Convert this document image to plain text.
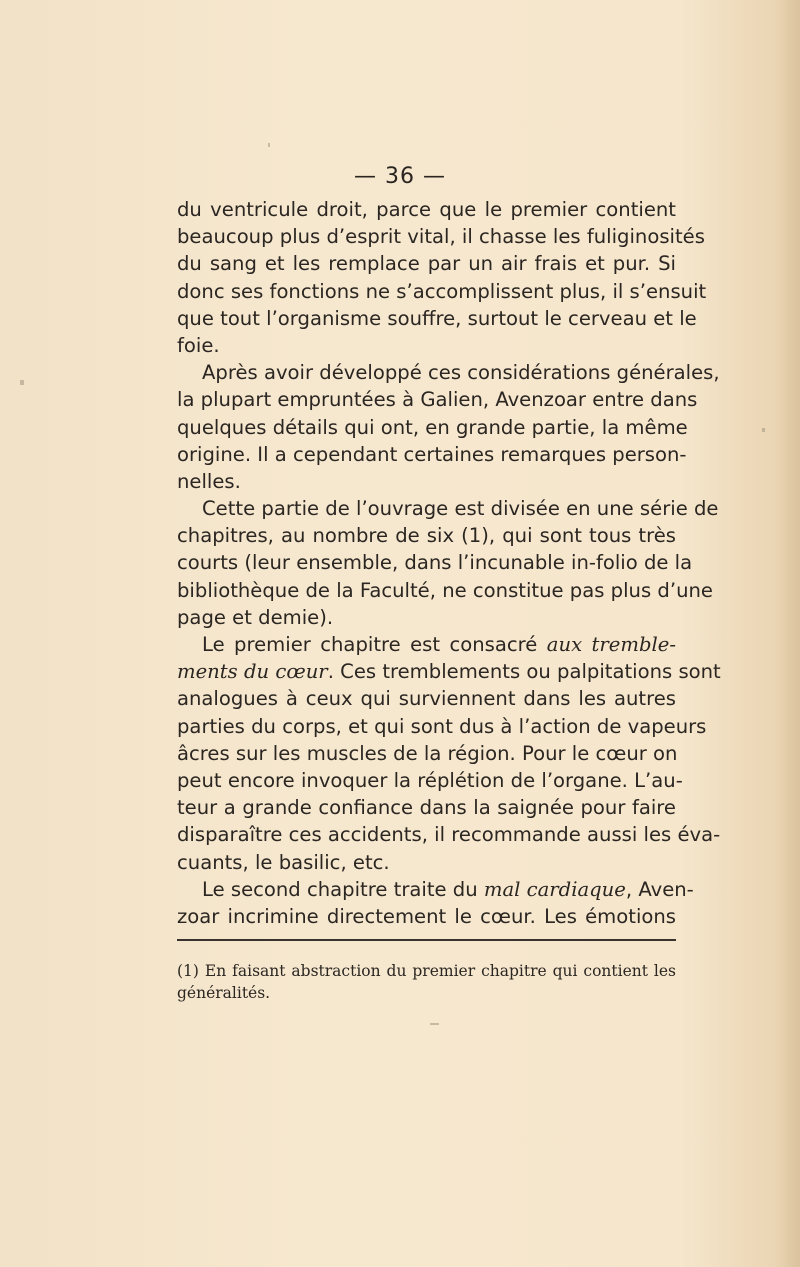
— 36 —
du ventricule droit, parce que le premier contient
beaucoup plus d’esprit vital, il chasse les fuliginosités
du sang et les remplace par un air frais et pur. Si
donc ses fonctions ne s’accomplissent plus, il s’ensuit
que tout l’organisme souffre, surtout le cerveau et le
foie.
Après avoir développé ces considérations générales,
la plupart empruntées à Galien, Avenzoar entre dans
quelques détails qui ont, en grande partie, la même
origine. Il a cependant certaines remarques person-
nelles.
Cette partie de l’ouvrage est divisée en une série de
chapitres, au nombre de six (1), qui sont tous très
courts (leur ensemble, dans l’incunable in-folio de la
bibliothèque de la Faculté, ne constitue pas plus d’une
page et demie).
Le premier chapitre est consacré aux tremble-
ments du cœur. Ces tremblements ou palpitations sont
analogues à ceux qui surviennent dans les autres
parties du corps, et qui sont dus à l’action de vapeurs
âcres sur les muscles de la région. Pour le cœur on
peut encore invoquer la réplétion de l’organe. L’au-
teur a grande confiance dans la saignée pour faire
disparaître ces accidents, il recommande aussi les éva-
cuants, le basilic, etc.
Le second chapitre traite du mal cardiaque, Aven-
zoar incrimine directement le cœur. Les émotions
(1) En faisant abstraction du premier chapitre qui contient les
généralités.
